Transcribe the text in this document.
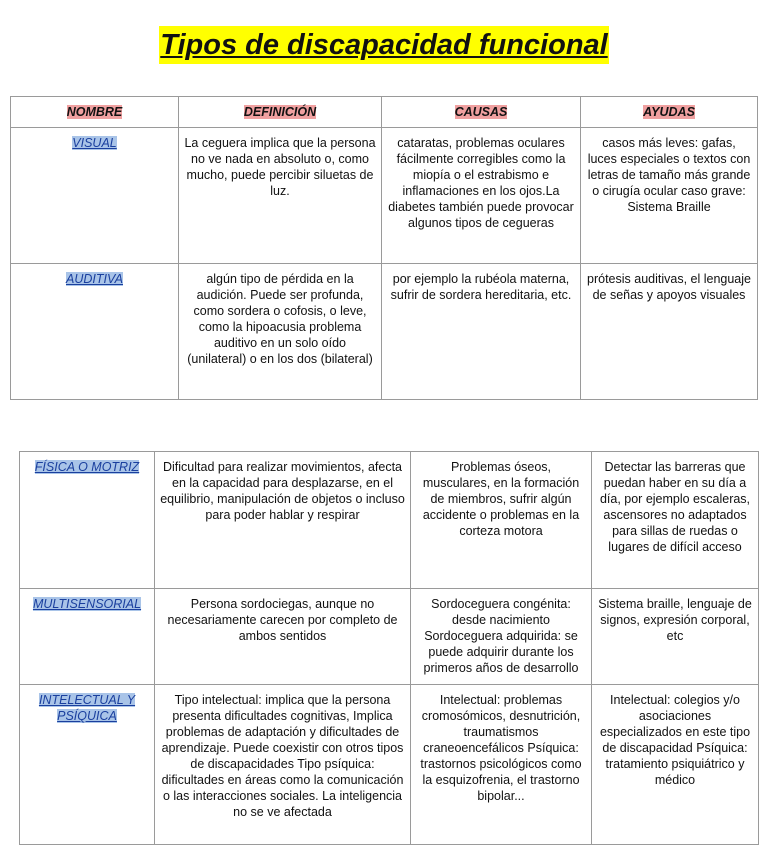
Tipos de discapacidad funcional
NOMBRE	DEFINICIÓN	CAUSAS	AYUDAS
VISUAL	La ceguera implica que la persona no ve nada en absoluto o, como mucho, puede percibir siluetas de luz.	cataratas, problemas oculares fácilmente corregibles como la miopía o el estrabismo e inflamaciones en los ojos.La diabetes también puede provocar algunos tipos de cegueras	casos más leves: gafas, luces especiales o textos con letras de tamaño más grande o cirugía ocular caso grave: Sistema Braille
AUDITIVA	algún tipo de pérdida en la audición. Puede ser profunda, como sordera o cofosis, o leve, como la hipoacusia problema auditivo en un solo oído (unilateral) o en los dos (bilateral)	por ejemplo la rubéola materna, sufrir de sordera hereditaria, etc.	prótesis auditivas, el lenguaje de señas y apoyos visuales
FÍSICA O MOTRIZ	Dificultad para realizar movimientos, afecta en la capacidad para desplazarse, en el equilibrio, manipulación de objetos o incluso para poder hablar y respirar	Problemas óseos, musculares, en la formación de miembros, sufrir algún accidente o problemas en la corteza motora	Detectar las barreras que puedan haber en su día a día, por ejemplo escaleras, ascensores no adaptados para sillas de ruedas o lugares de difícil acceso
MULTISENSORIAL	Persona sordociegas, aunque no necesariamente carecen por completo de ambos sentidos	Sordoceguera congénita: desde nacimiento Sordoceguera adquirida: se puede adquirir durante los primeros años de desarrollo	Sistema braille, lenguaje de signos, expresión corporal, etc
INTELECTUAL Y PSÍQUICA	Tipo intelectual: implica que la persona presenta dificultades cognitivas, Implica problemas de adaptación y dificultades de aprendizaje. Puede coexistir con otros tipos de discapacidades Tipo psíquica: dificultades en áreas como la comunicación o las interacciones sociales. La inteligencia no se ve afectada	Intelectual: problemas cromosómicos, desnutrición, traumatismos craneoencefálicos Psíquica: trastornos psicológicos como la esquizofrenia, el trastorno bipolar...	Intelectual: colegios y/o asociaciones especializados en este tipo de discapacidad Psíquica: tratamiento psiquiátrico y médico
